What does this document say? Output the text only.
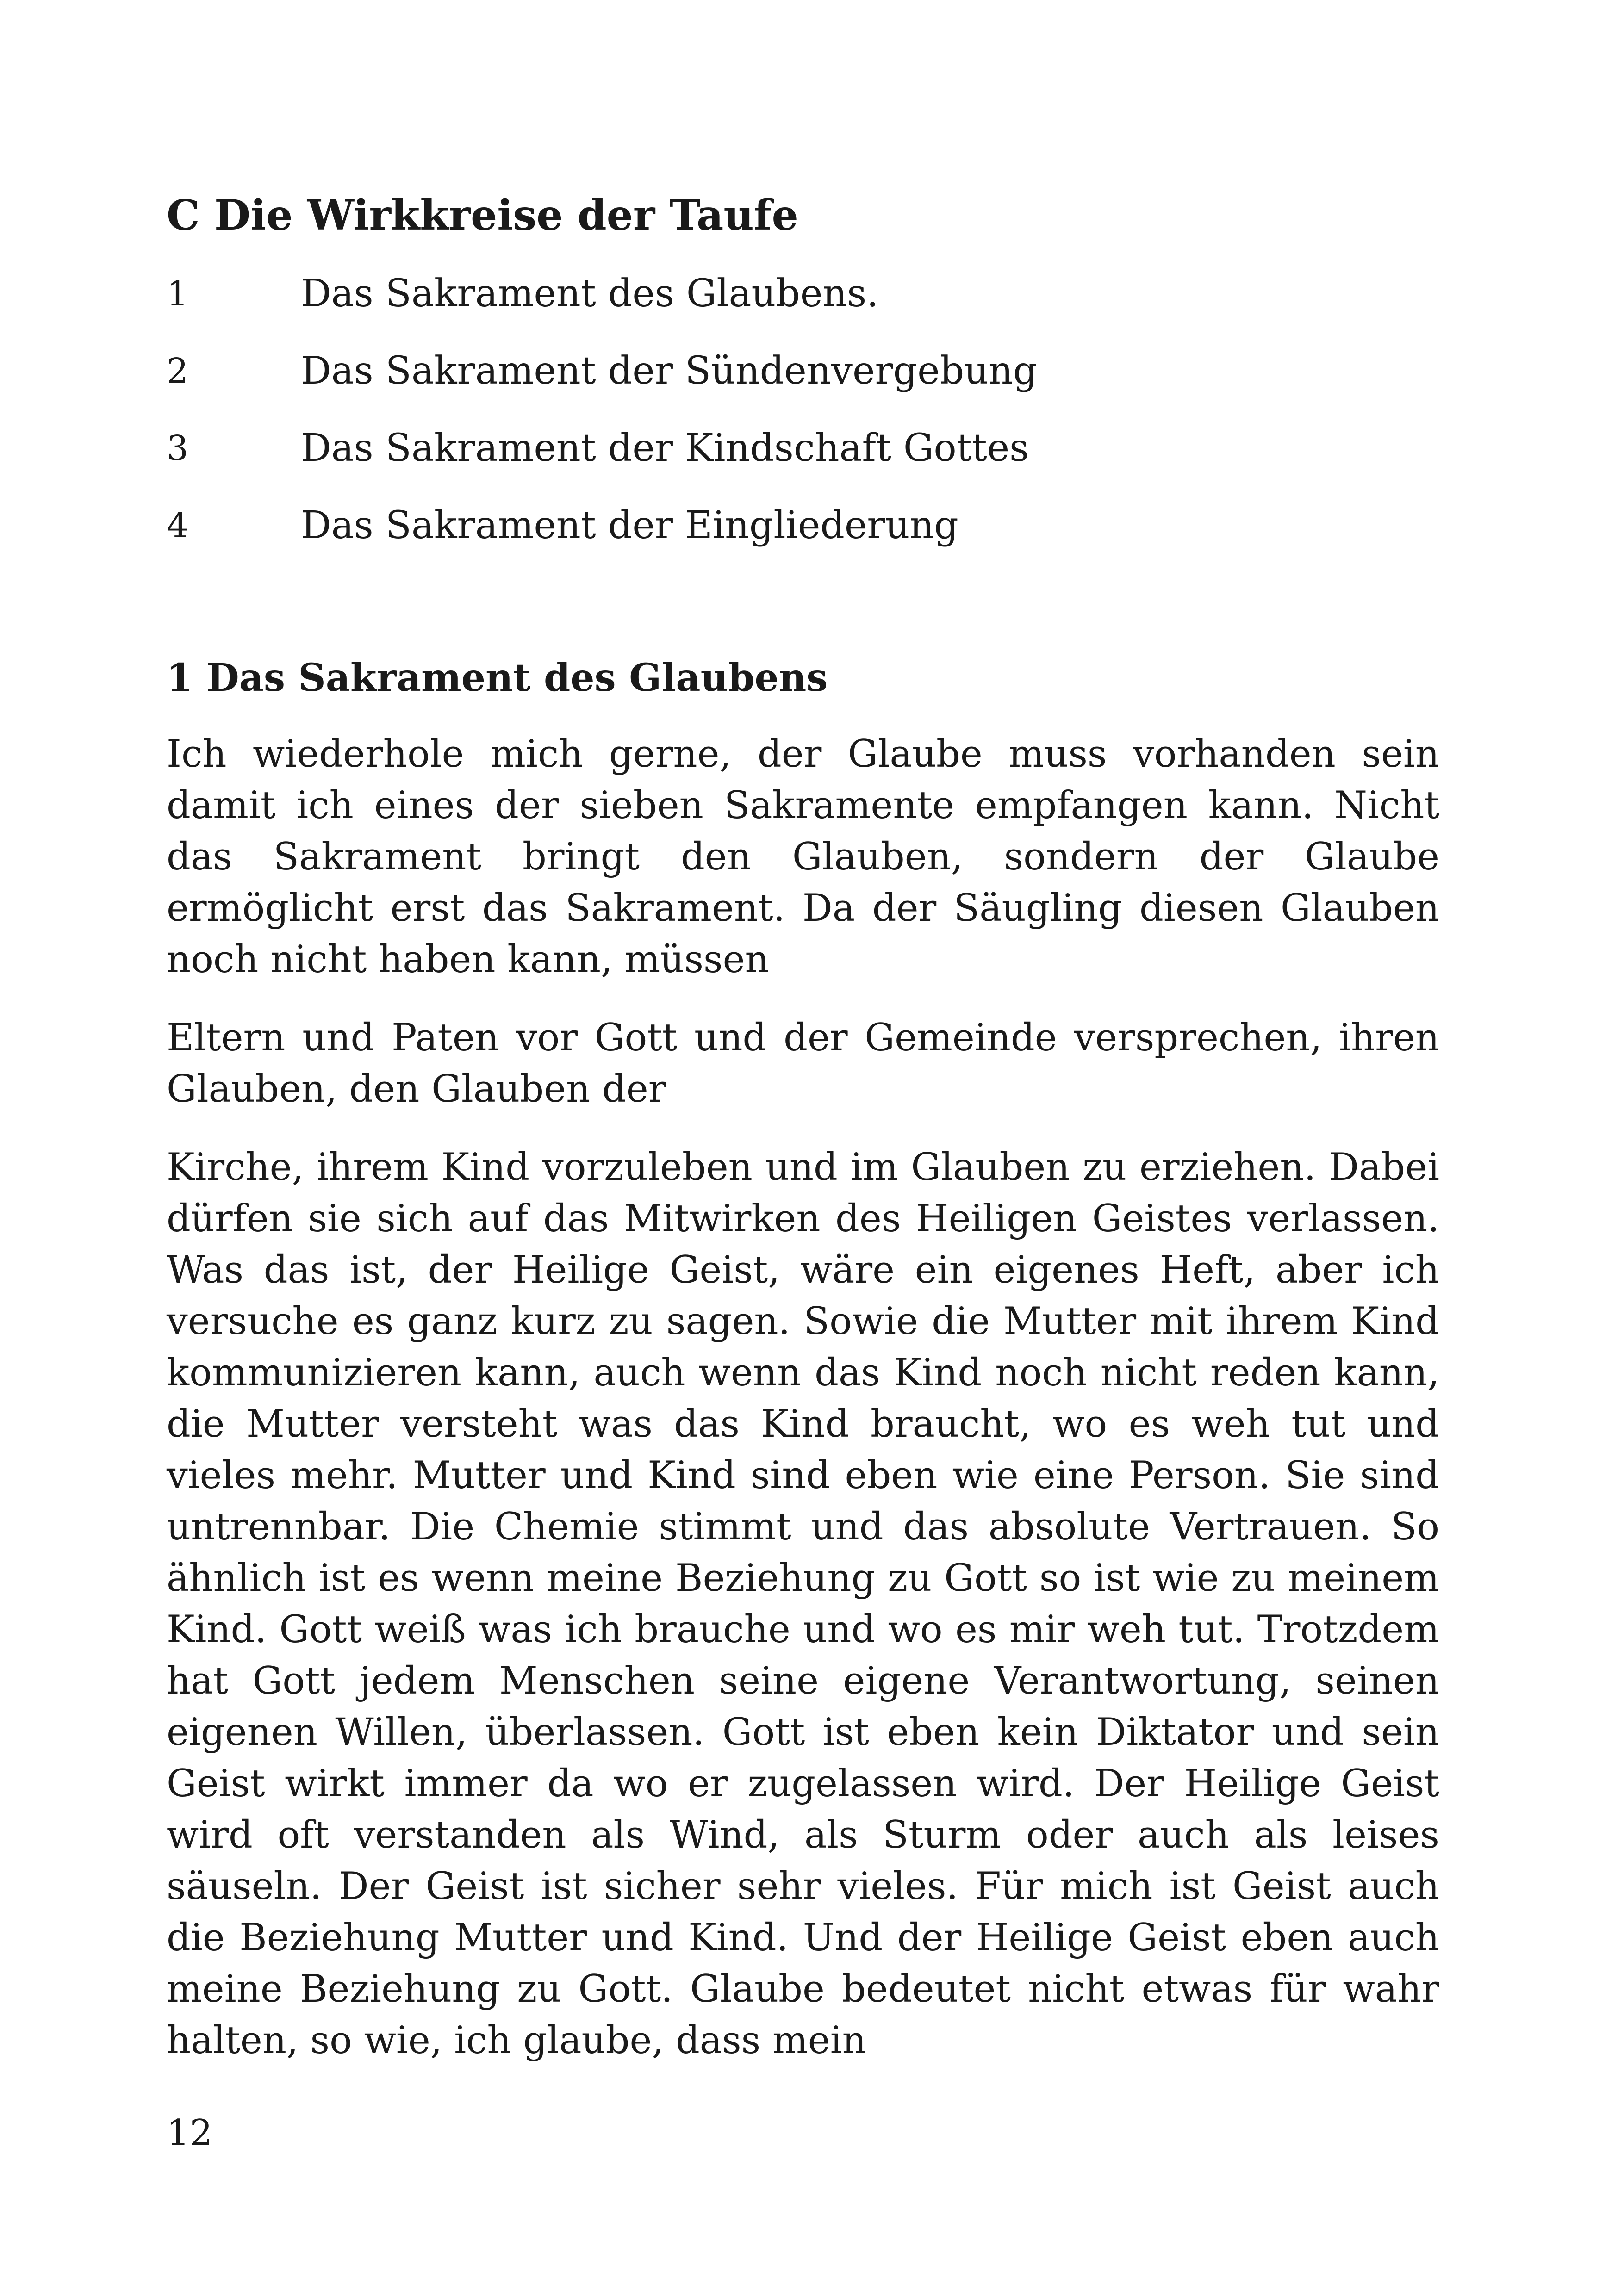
C Die Wirkkreise der Taufe
1	Das Sakrament des Glaubens.
2	Das Sakrament der Sündenvergebung
3	Das Sakrament der Kindschaft Gottes
4	Das Sakrament der Eingliederung
1 Das Sakrament des Glaubens

Ich wiederhole mich gerne, der Glaube muss vorhanden sein damit ich eines der sieben Sakramente empfangen kann. Nicht das Sakrament bringt den Glauben, sondern der Glaube ermöglicht erst das Sakrament. Da der Säugling diesen Glauben noch nicht haben kann, müssen

Eltern und Paten vor Gott und der Gemeinde versprechen, ihren Glauben, den Glauben der

Kirche, ihrem Kind vorzuleben und im Glauben zu erziehen. Dabei dürfen sie sich auf das Mitwirken des Heiligen Geistes verlassen. Was das ist, der Heilige Geist, wäre ein eigenes Heft, aber ich versuche es ganz kurz zu sagen. Sowie die Mutter mit ihrem Kind kommunizieren kann, auch wenn das Kind noch nicht reden kann, die Mutter versteht was das Kind braucht, wo es weh tut und vieles mehr. Mutter und Kind sind eben wie eine Person. Sie sind untrennbar. Die Chemie stimmt und das absolute Vertrauen. So ähnlich ist es wenn meine Beziehung zu Gott so ist wie zu meinem Kind. Gott weiß was ich brauche und wo es mir weh tut. Trotzdem hat Gott jedem Menschen seine eigene Verantwortung, seinen eigenen Willen, überlassen. Gott ist eben kein Diktator und sein Geist wirkt immer da wo er zugelassen wird. Der Heilige Geist wird oft verstanden als Wind, als Sturm oder auch als leises säuseln. Der Geist ist sicher sehr vieles. Für mich ist Geist auch die Beziehung Mutter und Kind. Und der Heilige Geist eben auch meine Beziehung zu Gott. Glaube bedeutet nicht etwas für wahr halten, so wie, ich glaube, dass mein

12
